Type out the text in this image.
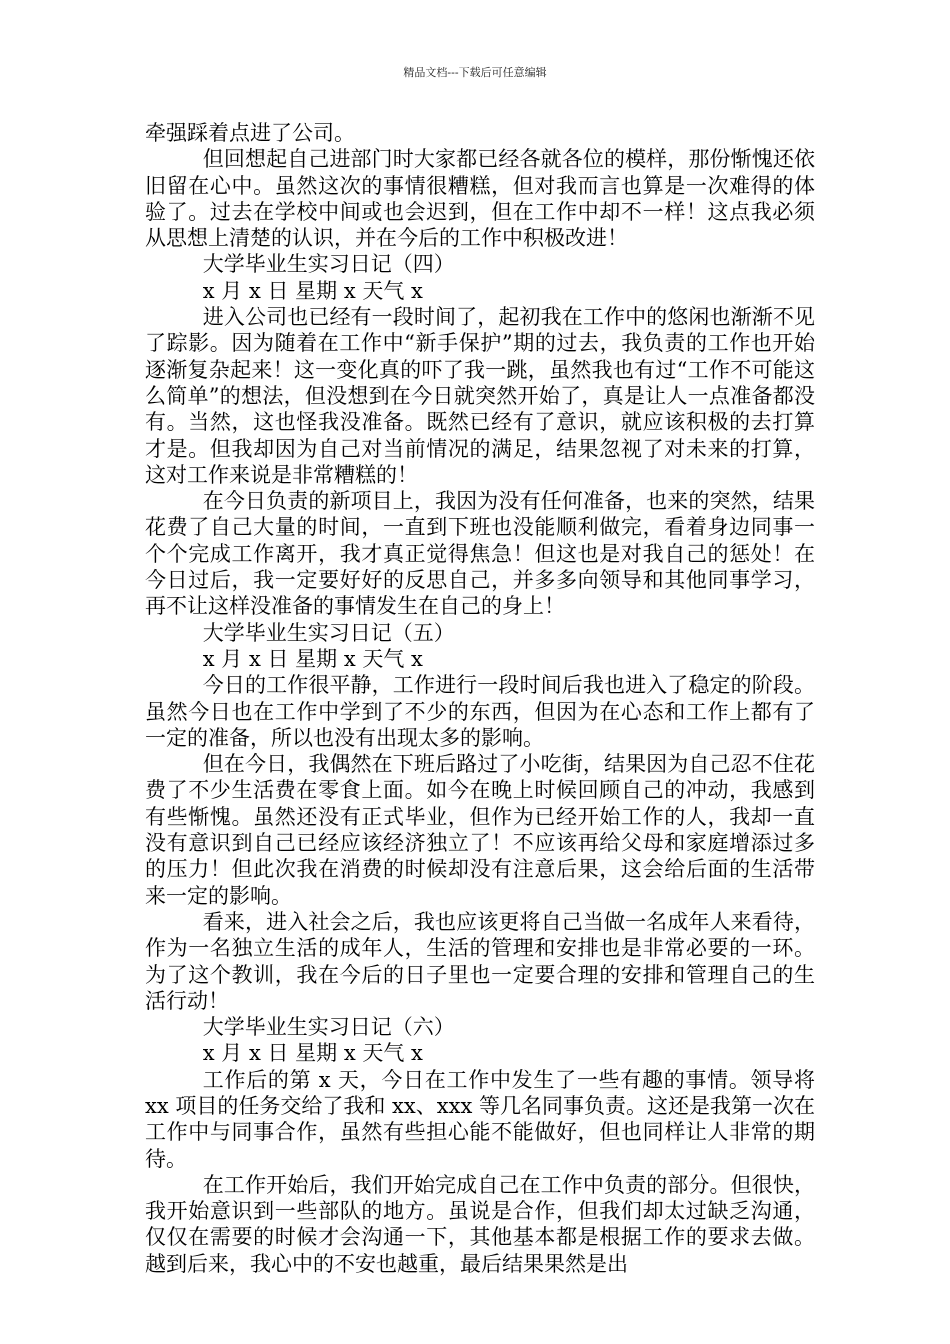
精品文档---下载后可任意编辑

牵强踩着点进了公司。

但回想起自己进部门时大家都已经各就各位的模样，那份惭愧还依旧留在心中。虽然这次的事情很糟糕，但对我而言也算是一次难得的体验了。过去在学校中间或也会迟到，但在工作中却不一样！这点我必须从思想上清楚的认识，并在今后的工作中积极改进！

大学毕业生实习日记（四）

x 月 x 日 星期 x 天气 x

进入公司也已经有一段时间了，起初我在工作中的悠闲也渐渐不见了踪影。因为随着在工作中“新手保护”期的过去，我负责的工作也开始逐渐复杂起来！这一变化真的吓了我一跳，虽然我也有过“工作不可能这么简单”的想法，但没想到在今日就突然开始了，真是让人一点准备都没有。当然，这也怪我没准备。既然已经有了意识，就应该积极的去打算才是。但我却因为自己对当前情况的满足，结果忽视了对未来的打算，这对工作来说是非常糟糕的！

在今日负责的新项目上，我因为没有任何准备，也来的突然，结果花费了自己大量的时间，一直到下班也没能顺利做完，看着身边同事一个个完成工作离开，我才真正觉得焦急！但这也是对我自己的惩处！在今日过后，我一定要好好的反思自己，并多多向领导和其他同事学习，再不让这样没准备的事情发生在自己的身上！

大学毕业生实习日记（五）

x 月 x 日 星期 x 天气 x

今日的工作很平静，工作进行一段时间后我也进入了稳定的阶段。虽然今日也在工作中学到了不少的东西，但因为在心态和工作上都有了一定的准备，所以也没有出现太多的影响。

但在今日，我偶然在下班后路过了小吃街，结果因为自己忍不住花费了不少生活费在零食上面。如今在晚上时候回顾自己的冲动，我感到有些惭愧。虽然还没有正式毕业，但作为已经开始工作的人，我却一直没有意识到自己已经应该经济独立了！不应该再给父母和家庭增添过多的压力！但此次我在消费的时候却没有注意后果，这会给后面的生活带来一定的影响。

看来，进入社会之后，我也应该更将自己当做一名成年人来看待，作为一名独立生活的成年人，生活的管理和安排也是非常必要的一环。为了这个教训，我在今后的日子里也一定要合理的安排和管理自己的生活行动！

大学毕业生实习日记（六）

x 月 x 日 星期 x 天气 x

工作后的第 x 天，今日在工作中发生了一些有趣的事情。领导将 xx 项目的任务交给了我和 xx、xxx 等几名同事负责。这还是我第一次在工作中与同事合作，虽然有些担心能不能做好，但也同样让人非常的期待。

在工作开始后，我们开始完成自己在工作中负责的部分。但很快，我开始意识到一些部队的地方。虽说是合作，但我们却太过缺乏沟通，仅仅在需要的时候才会沟通一下，其他基本都是根据工作的要求去做。越到后来，我心中的不安也越重，最后结果果然是出
